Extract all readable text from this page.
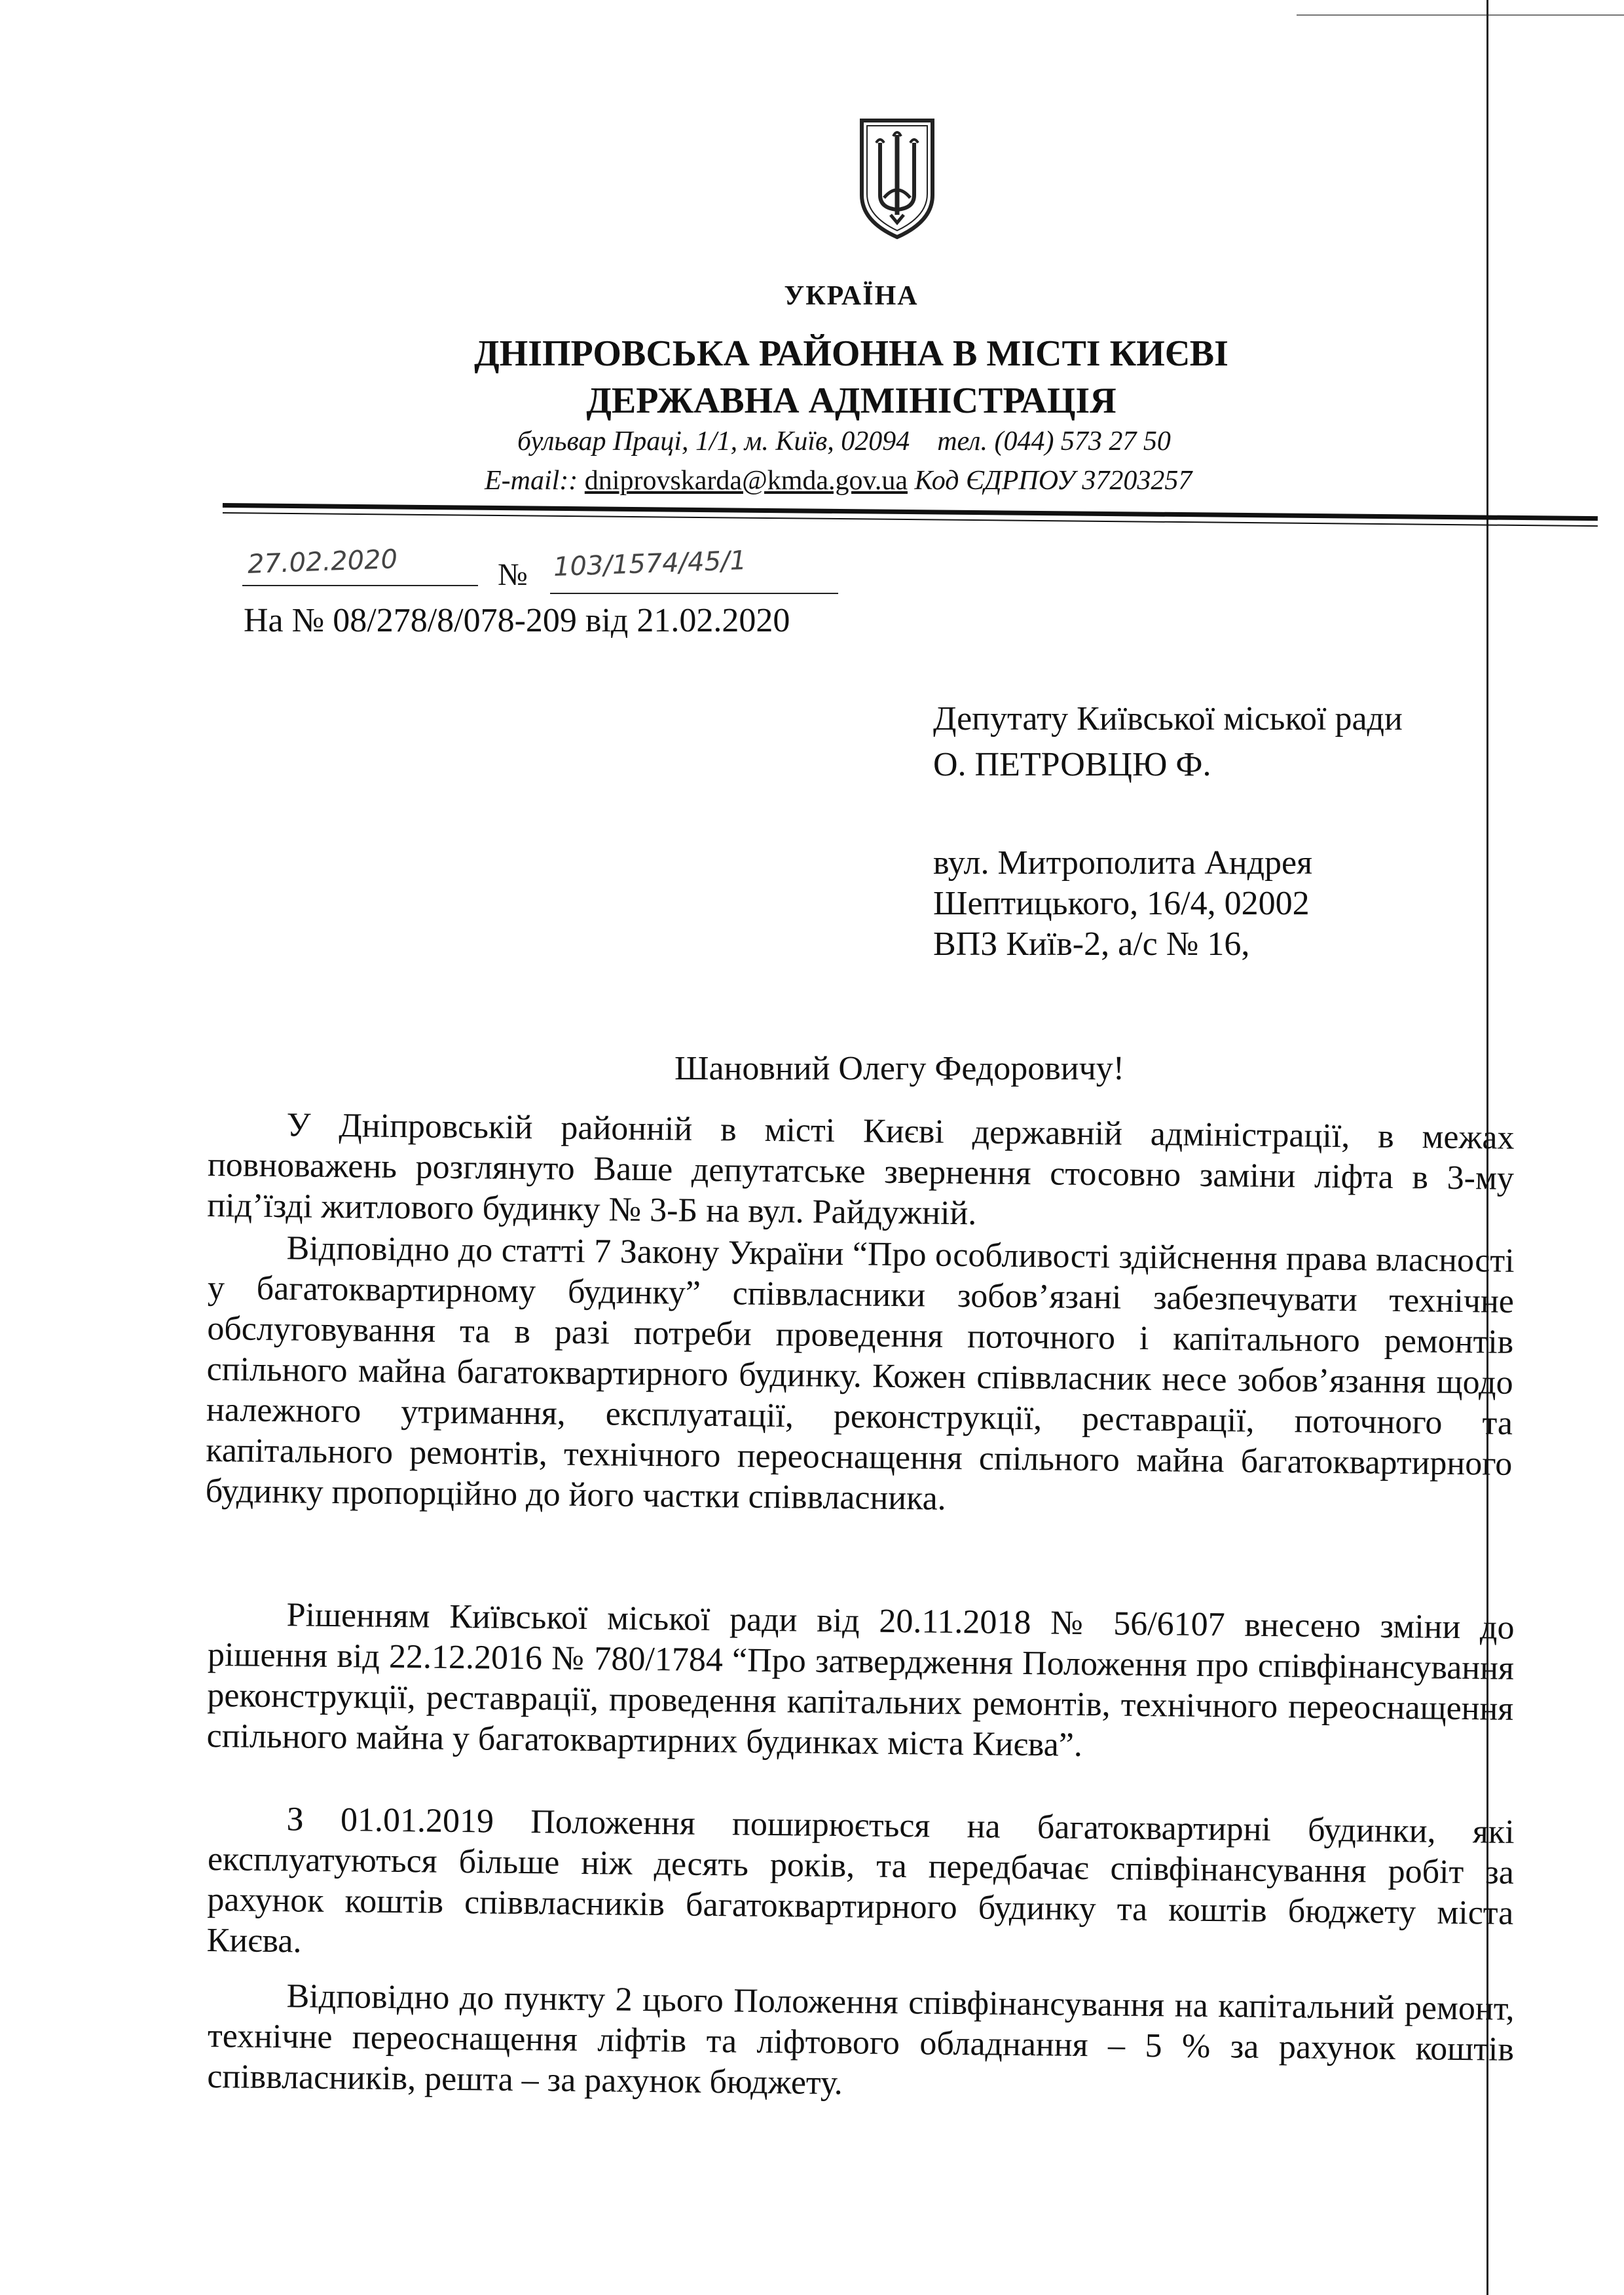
УКРАЇНА
ДНІПРОВСЬКА РАЙОННА В МІСТІ КИЄВІ
ДЕРЖАВНА АДМІНІСТРАЦІЯ
бульвар Праці, 1/1, м. Київ, 02094 тел. (044) 573 27 50
E-mail:: dniprovskarda@kmda.gov.ua Код ЄДРПОУ 37203257
27.02.2020	№ 103/1574/45/1
На № 08/278/8/078-209 від 21.02.2020
Депутату Київської міської ради
О. ПЕТРОВЦЮ Ф.
вул. Митрополита Андрея
Шептицького, 16/4, 02002
ВПЗ Київ-2, а/с № 16,
Шановний Олегу Федоровичу!
У Дніпровській районній в місті Києві державній адміністрації, в межах повноважень розглянуто Ваше депутатське звернення стосовно заміни ліфта в 3-му під’їзді житлового будинку № 3-Б на вул. Райдужній.
Відповідно до статті 7 Закону України “Про особливості здійснення права власності у багатоквартирному будинку” співвласники зобов’язані забезпечувати технічне обслуговування та в разі потреби проведення поточного і капітального ремонтів спільного майна багатоквартирного будинку. Кожен співвласник несе зобов’язання щодо належного утримання, експлуатації, реконструкції, реставрації, поточного та капітального ремонтів, технічного переоснащення спільного майна багатоквартирного будинку пропорційно до його частки співвласника.
Рішенням Київської міської ради від 20.11.2018 № 56/6107 внесено зміни до рішення від 22.12.2016 № 780/1784 “Про затвердження Положення про співфінансування реконструкції, реставрації, проведення капітальних ремонтів, технічного переоснащення спільного майна у багатоквартирних будинках міста Києва”.
З 01.01.2019 Положення поширюється на багатоквартирні будинки, які експлуатуються більше ніж десять років, та передбачає співфінансування робіт за рахунок коштів співвласників багатоквартирного будинку та коштів бюджету міста Києва.
Відповідно до пункту 2 цього Положення співфінансування на капітальний ремонт, технічне переоснащення ліфтів та ліфтового обладнання – 5 % за рахунок коштів співвласників, решта – за рахунок бюджету.
